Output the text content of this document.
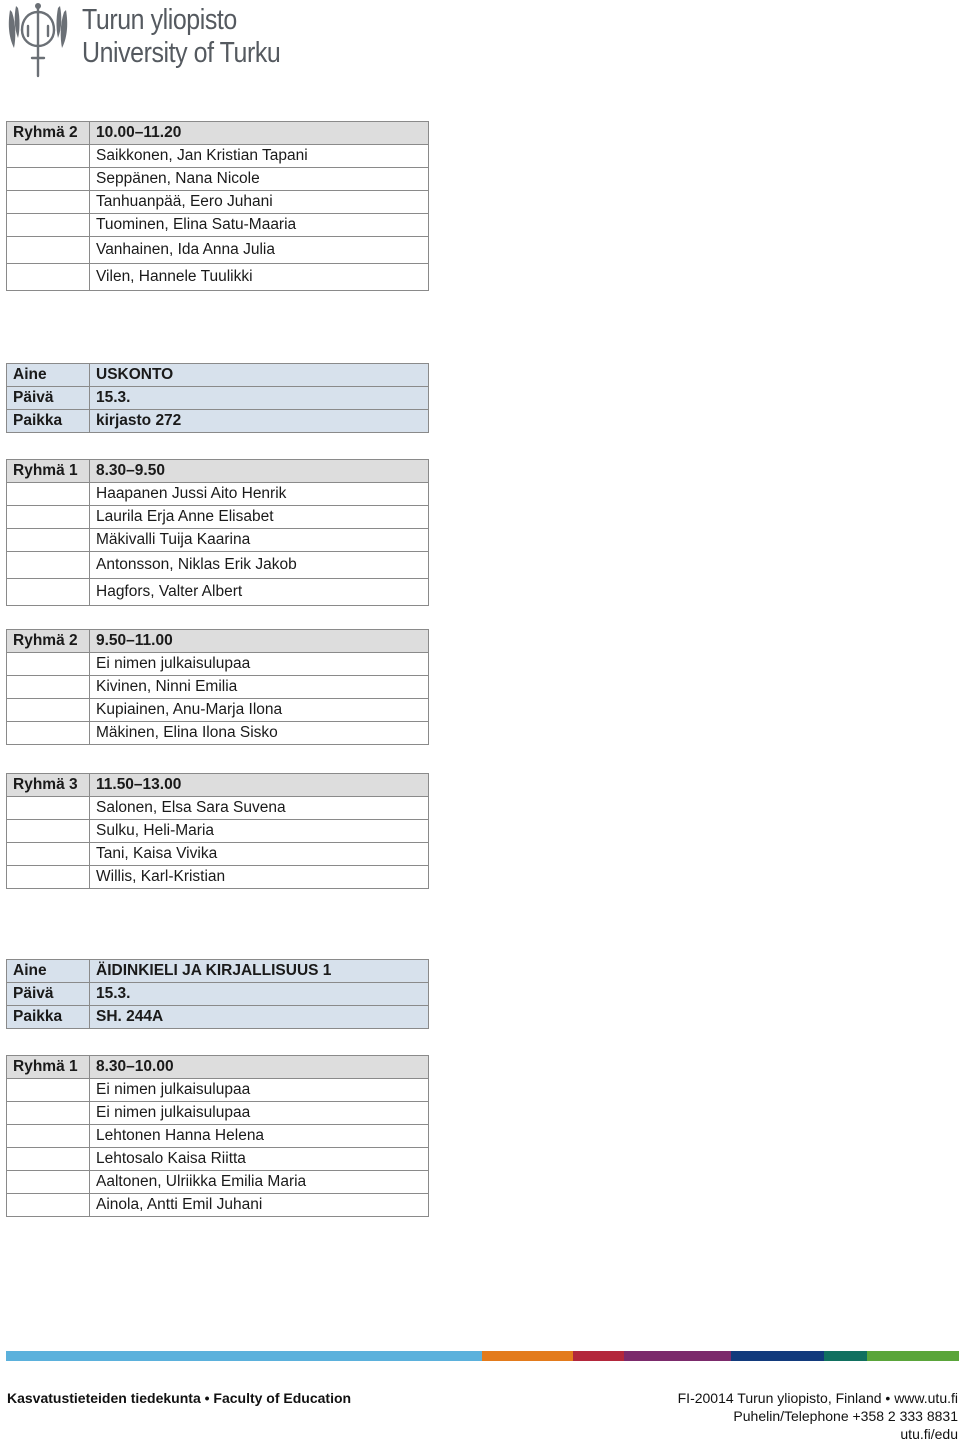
Turun yliopisto
University of Turku
Ryhmä 2	10.00–11.20
	Saikkonen, Jan Kristian Tapani
	Seppänen, Nana Nicole
	Tanhuanpää, Eero Juhani
	Tuominen, Elina Satu-Maaria
	Vanhainen, Ida Anna Julia
	Vilen, Hannele Tuulikki
Aine	USKONTO
Päivä	15.3.
Paikka	kirjasto 272
Ryhmä 1	8.30–9.50
	Haapanen Jussi Aito Henrik
	Laurila Erja Anne Elisabet
	Mäkivalli Tuija Kaarina
	Antonsson, Niklas Erik Jakob
	Hagfors, Valter Albert
Ryhmä 2	9.50–11.00
	Ei nimen julkaisulupaa
	Kivinen, Ninni Emilia
	Kupiainen, Anu-Marja Ilona
	Mäkinen, Elina Ilona Sisko
Ryhmä 3	11.50–13.00
	Salonen, Elsa Sara Suvena
	Sulku, Heli-Maria
	Tani, Kaisa Vivika
	Willis, Karl-Kristian
Aine	ÄIDINKIELI JA KIRJALLISUUS 1
Päivä	15.3.
Paikka	SH. 244A
Ryhmä 1	8.30–10.00
	Ei nimen julkaisulupaa
	Ei nimen julkaisulupaa
	Lehtonen Hanna Helena
	Lehtosalo Kaisa Riitta
	Aaltonen, Ulriikka Emilia Maria
	Ainola, Antti Emil Juhani
Kasvatustieteiden tiedekunta • Faculty of Education	FI-20014 Turun yliopisto, Finland • www.utu.fi
Puhelin/Telephone +358 2 333 8831
utu.fi/edu
